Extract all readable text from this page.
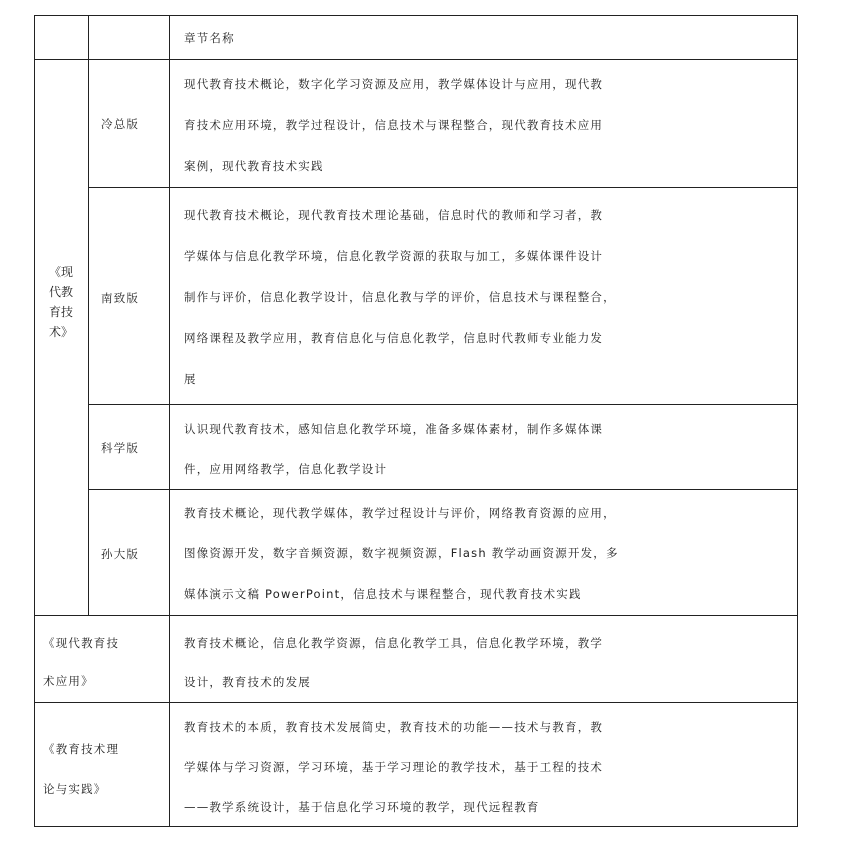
章节名称
《现
代教
育技
术》
冷总版
现代教育技术概论，数字化学习资源及应用，教学媒体设计与应用，现代教
育技术应用环境，教学过程设计，信息技术与课程整合，现代教育技术应用
案例，现代教育技术实践
南致版
现代教育技术概论，现代教育技术理论基础，信息时代的教师和学习者，教
学媒体与信息化教学环境，信息化教学资源的获取与加工，多媒体课件设计
制作与评价，信息化教学设计，信息化教与学的评价，信息技术与课程整合，
网络课程及教学应用，教育信息化与信息化教学，信息时代教师专业能力发
展
科学版
认识现代教育技术，感知信息化教学环境，准备多媒体素材，制作多媒体课
件，应用网络教学，信息化教学设计
孙大版
教育技术概论，现代教学媒体，教学过程设计与评价，网络教育资源的应用，
图像资源开发，数字音频资源，数字视频资源，Flash 教学动画资源开发，多
媒体演示文稿 PowerPoint，信息技术与课程整合，现代教育技术实践
《现代教育技
术应用》
教育技术概论，信息化教学资源，信息化教学工具，信息化教学环境，教学
设计，教育技术的发展
《教育技术理
论与实践》
教育技术的本质，教育技术发展简史，教育技术的功能——技术与教育，教
学媒体与学习资源，学习环境，基于学习理论的教学技术，基于工程的技术
——教学系统设计，基于信息化学习环境的教学，现代远程教育
